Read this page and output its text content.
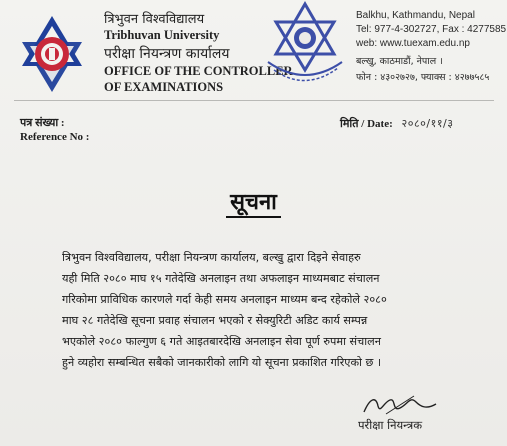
त्रिभुवन विश्वविद्यालय
Tribhuvan University
परीक्षा नियन्त्रण कार्यालय
OFFICE OF THE CONTROLLER
OF EXAMINATIONS
Balkhu, Kathmandu, Nepal
Tel: 977-4-302727, Fax : 4277585
web: www.tuexam.edu.np
बल्खु, काठमाडौं, नेपाल ।
फोन : ४३०२७२७, फ्याक्स : ४२७७५८५
पत्र संख्या :
Reference No :
मिति / Date: २०८०/११/३
सूचना
त्रिभुवन विश्वविद्यालय, परीक्षा नियन्त्रण कार्यालय, बल्खु द्वारा दिइने सेवाहरु
यही मिति २०८० माघ १५ गतेदेखि अनलाइन तथा अफलाइन माध्यमबाट संचालन
गरिकोमा प्राविधिक कारणले गर्दा केही समय अनलाइन माध्यम बन्द रहेकोले २०८०
माघ २८ गतेदेखि सूचना प्रवाह संचालन भएको र सेक्युरिटी अडिट कार्य सम्पन्न
भएकोले २०८० फाल्गुण ६ गते आइतबारदेखि अनलाइन सेवा पूर्ण रुपमा संचालन
हुने व्यहोरा सम्बन्धित सबैको जानकारीको लागि यो सूचना प्रकाशित गरिएको छ ।
परीक्षा नियन्त्रक
